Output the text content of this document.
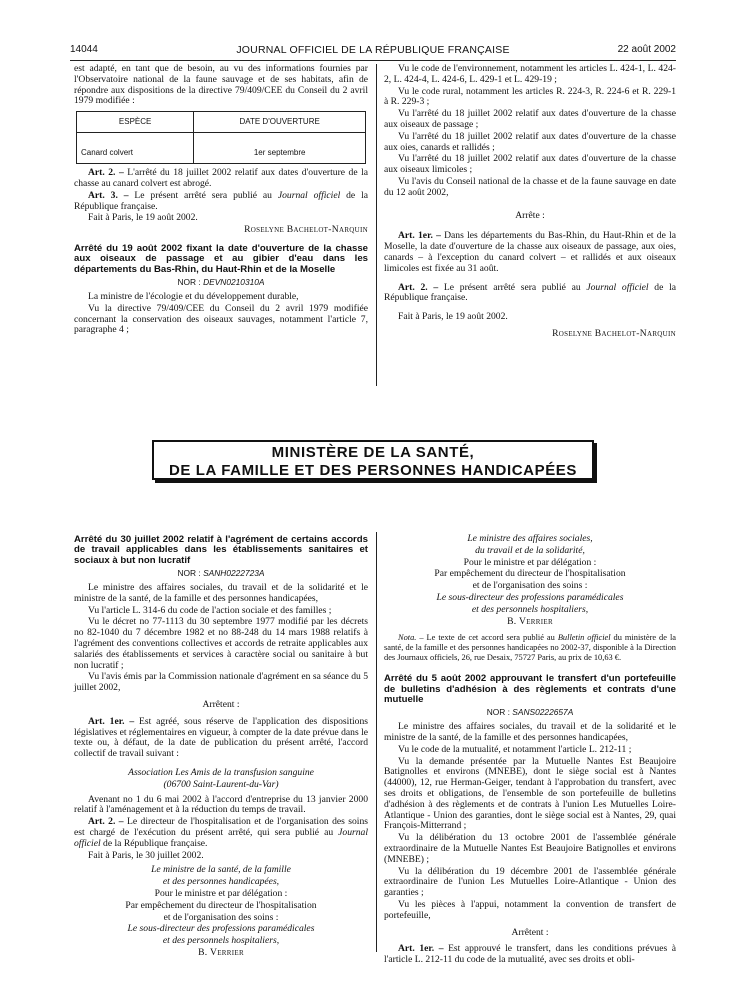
14044	JOURNAL OFFICIEL DE LA RÉPUBLIQUE FRANÇAISE	22 août 2002

est adapté, en tant que de besoin, au vu des informations fournies par l'Observatoire national de la faune sauvage et de ses habitats, afin de répondre aux dispositions de la directive 79/409/CEE du Conseil du 2 avril 1979 modifiée :

ESPÈCE	DATE D'OUVERTURE
Canard colvert	1er septembre

Art. 2. – L'arrêté du 18 juillet 2002 relatif aux dates d'ouverture de la chasse au canard colvert est abrogé.

Art. 3. – Le présent arrêté sera publié au Journal officiel de la République française.

Fait à Paris, le 19 août 2002.

Roselyne Bachelot-Narquin

Arrêté du 19 août 2002 fixant la date d'ouverture de la chasse aux oiseaux de passage et au gibier d'eau dans les départements du Bas-Rhin, du Haut-Rhin et de la Moselle

NOR : DEVN0210310A

La ministre de l'écologie et du développement durable,

Vu la directive 79/409/CEE du Conseil du 2 avril 1979 modifiée concernant la conservation des oiseaux sauvages, notamment l'article 7, paragraphe 4 ;

Vu le code de l'environnement, notamment les articles L. 424-1, L. 424-2, L. 424-4, L. 424-6, L. 429-1 et L. 429-19 ;

Vu le code rural, notamment les articles R. 224-3, R. 224-6 et R. 229-1 à R. 229-3 ;

Vu l'arrêté du 18 juillet 2002 relatif aux dates d'ouverture de la chasse aux oiseaux de passage ;

Vu l'arrêté du 18 juillet 2002 relatif aux dates d'ouverture de la chasse aux oies, canards et rallidés ;

Vu l'arrêté du 18 juillet 2002 relatif aux dates d'ouverture de la chasse aux oiseaux limicoles ;

Vu l'avis du Conseil national de la chasse et de la faune sauvage en date du 12 août 2002,

Arrête :

Art. 1er. – Dans les départements du Bas-Rhin, du Haut-Rhin et de la Moselle, la date d'ouverture de la chasse aux oiseaux de passage, aux oies, canards – à l'exception du canard colvert – et rallidés et aux oiseaux limicoles est fixée au 31 août.

Art. 2. – Le présent arrêté sera publié au Journal officiel de la République française.

Fait à Paris, le 19 août 2002.

Roselyne Bachelot-Narquin

MINISTÈRE DE LA SANTÉ,
DE LA FAMILLE ET DES PERSONNES HANDICAPÉES

Arrêté du 30 juillet 2002 relatif à l'agrément de certains accords de travail applicables dans les établissements sanitaires et sociaux à but non lucratif

NOR : SANH0222723A

Le ministre des affaires sociales, du travail et de la solidarité et le ministre de la santé, de la famille et des personnes handicapées,

Vu l'article L. 314-6 du code de l'action sociale et des familles ;

Vu le décret no 77-1113 du 30 septembre 1977 modifié par les décrets no 82-1040 du 7 décembre 1982 et no 88-248 du 14 mars 1988 relatifs à l'agrément des conventions collectives et accords de retraite applicables aux salariés des établissements et services à caractère social ou sanitaire à but non lucratif ;

Vu l'avis émis par la Commission nationale d'agrément en sa séance du 5 juillet 2002,

Arrêtent :

Art. 1er. – Est agréé, sous réserve de l'application des dispositions législatives et réglementaires en vigueur, à compter de la date prévue dans le texte ou, à défaut, de la date de publication du présent arrêté, l'accord collectif de travail suivant :

Association Les Amis de la transfusion sanguine

(06700 Saint-Laurent-du-Var)

Avenant no 1 du 6 mai 2002 à l'accord d'entreprise du 13 janvier 2000 relatif à l'aménagement et à la réduction du temps de travail.

Art. 2. – Le directeur de l'hospitalisation et de l'organisation des soins est chargé de l'exécution du présent arrêté, qui sera publié au Journal officiel de la République française.

Fait à Paris, le 30 juillet 2002.

Le ministre de la santé, de la famille

et des personnes handicapées,

Pour le ministre et par délégation :

Par empêchement du directeur de l'hospitalisation

et de l'organisation des soins :

Le sous-directeur des professions paramédicales

et des personnels hospitaliers,

B. Verrier

Le ministre des affaires sociales,

du travail et de la solidarité,

Pour le ministre et par délégation :

Par empêchement du directeur de l'hospitalisation

et de l'organisation des soins :

Le sous-directeur des professions paramédicales

et des personnels hospitaliers,

B. Verrier

Nota. – Le texte de cet accord sera publié au Bulletin officiel du ministère de la santé, de la famille et des personnes handicapées no 2002-37, disponible à la Direction des Journaux officiels, 26, rue Desaix, 75727 Paris, au prix de 10,63 €.

Arrêté du 5 août 2002 approuvant le transfert d'un portefeuille de bulletins d'adhésion à des règlements et contrats d'une mutuelle

NOR : SANS0222657A

Le ministre des affaires sociales, du travail et de la solidarité et le ministre de la santé, de la famille et des personnes handicapées,

Vu le code de la mutualité, et notamment l'article L. 212-11 ;

Vu la demande présentée par la Mutuelle Nantes Est Beaujoire Batignolles et environs (MNEBE), dont le siège social est à Nantes (44000), 12, rue Herman-Geiger, tendant à l'approbation du transfert, avec ses droits et obligations, de l'ensemble de son portefeuille de bulletins d'adhésion à des règlements et de contrats à l'union Les Mutuelles Loire-Atlantique - Union des garanties, dont le siège social est à Nantes, 29, quai François-Mitterrand ;

Vu la délibération du 13 octobre 2001 de l'assemblée générale extraordinaire de la Mutuelle Nantes Est Beaujoire Batignolles et environs (MNEBE) ;

Vu la délibération du 19 décembre 2001 de l'assemblée générale extraordinaire de l'union Les Mutuelles Loire-Atlantique - Union des garanties ;

Vu les pièces à l'appui, notamment la convention de transfert de portefeuille,

Arrêtent :

Art. 1er. – Est approuvé le transfert, dans les conditions prévues à l'article L. 212-11 du code de la mutualité, avec ses droits et obli-
